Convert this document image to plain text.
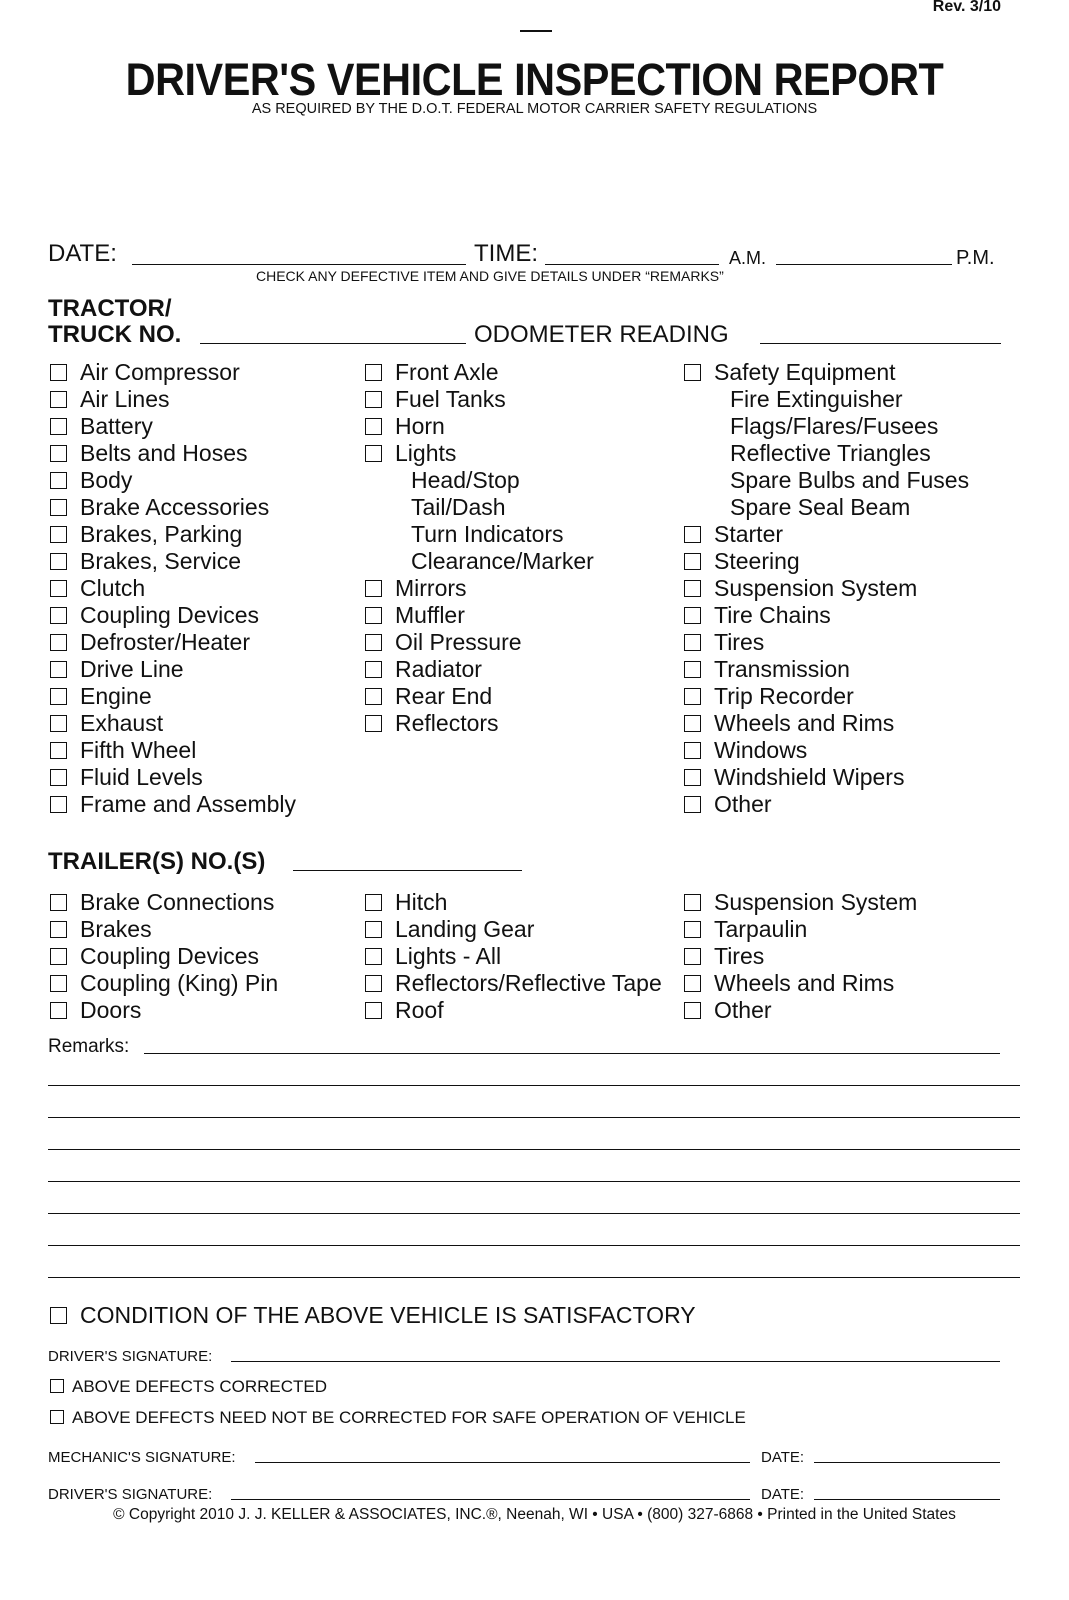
Rev. 3/10
DRIVER'S VEHICLE INSPECTION REPORT
AS REQUIRED BY THE D.O.T. FEDERAL MOTOR CARRIER SAFETY REGULATIONS
DATE:	TIME:	A.M.	P.M.
CHECK ANY DEFECTIVE ITEM AND GIVE DETAILS UNDER “REMARKS”
TRACTOR/
TRUCK NO.	ODOMETER READING
Air Compressor
Air Lines
Battery
Belts and Hoses
Body
Brake Accessories
Brakes, Parking
Brakes, Service
Clutch
Coupling Devices
Defroster/Heater
Drive Line
Engine
Exhaust
Fifth Wheel
Fluid Levels
Frame and Assembly
Front Axle
Fuel Tanks
Horn
Lights
Head/Stop
Tail/Dash
Turn Indicators
Clearance/Marker
Mirrors
Muffler
Oil Pressure
Radiator
Rear End
Reflectors
Safety Equipment
Fire Extinguisher
Flags/Flares/Fusees
Reflective Triangles
Spare Bulbs and Fuses
Spare Seal Beam
Starter
Steering
Suspension System
Tire Chains
Tires
Transmission
Trip Recorder
Wheels and Rims
Windows
Windshield Wipers
Other
TRAILER(S) NO.(S)
Brake Connections
Brakes
Coupling Devices
Coupling (King) Pin
Doors
Hitch
Landing Gear
Lights - All
Reflectors/Reflective Tape
Roof
Suspension System
Tarpaulin
Tires
Wheels and Rims
Other
Remarks:
CONDITION OF THE ABOVE VEHICLE IS SATISFACTORY
DRIVER'S SIGNATURE:
ABOVE DEFECTS CORRECTED
ABOVE DEFECTS NEED NOT BE CORRECTED FOR SAFE OPERATION OF VEHICLE
MECHANIC'S SIGNATURE:	DATE:
DRIVER'S SIGNATURE:	DATE:
© Copyright 2010 J. J. KELLER & ASSOCIATES, INC.®, Neenah, WI • USA • (800) 327-6868 • Printed in the United States
